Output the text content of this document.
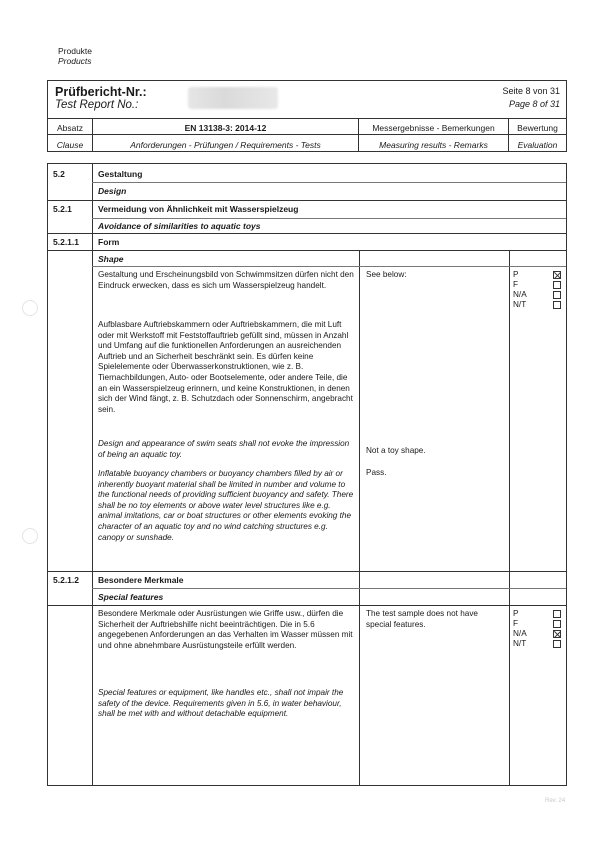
Produkte
Products
Prüfbericht-Nr.:
Test Report No.:
Seite 8 von 31
Page 8 of 31
Absatz
Clause
EN 13138-3: 2014-12
Anforderungen - Prüfungen / Requirements - Tests
Messergebnisse - Bemerkungen
Measuring results - Remarks
Bewertung
Evaluation
5.2	Gestaltung
Design
5.2.1	Vermeidung von Ähnlichkeit mit Wasserspielzeug
Avoidance of similarities to aquatic toys
5.2.1.1 Form
Shape
Gestaltung und Erscheinungsbild von Schwimmsitzen dürfen nicht den Eindruck erwecken, dass es sich um Wasserspielzeug handelt.
Aufblasbare Auftriebskammern oder Auftriebskammern, die mit Luft oder mit Werkstoff mit Feststoffauftrieb gefüllt sind, müssen in Anzahl und Umfang auf die funktionellen Anforderungen an ausreichenden Auftrieb und an Sicherheit beschränkt sein. Es dürfen keine Spielelemente oder Überwasserkonstruktionen, wie z. B. Tiernachbildungen, Auto- oder Bootselemente, oder andere Teile, die an ein Wasserspielzeug erinnern, und keine Konstruktionen, in denen sich der Wind fängt, z. B. Schutzdach oder Sonnenschirm, angebracht sein.
Design and appearance of swim seats shall not evoke the impression of being an aquatic toy.
Inflatable buoyancy chambers or buoyancy chambers filled by air or inherently buoyant material shall be limited in number and volume to the functional needs of providing sufficient buoyancy and safety. There shall be no toy elements or above water level structures like e.g. animal imitations, car or boat structures or other elements evoking the character of an aquatic toy and no wind catching structures e.g. canopy or sunshade.
See below:
Not a toy shape.
Pass.
P
F
N/A
N/T
5.2.1.2 Besondere Merkmale
Special features
Besondere Merkmale oder Ausrüstungen wie Griffe usw., dürfen die Sicherheit der Auftriebshilfe nicht beeinträchtigen. Die in 5.6 angegebenen Anforderungen an das Verhalten im Wasser müssen mit und ohne abnehmbare Ausrüstungsteile erfüllt werden.
Special features or equipment, like handles etc., shall not impair the safety of the device. Requirements given in 5.6, in water behaviour, shall be met with and without detachable equipment.
The test sample does not have special features.
P
F
N/A
N/T
Rev. 24
